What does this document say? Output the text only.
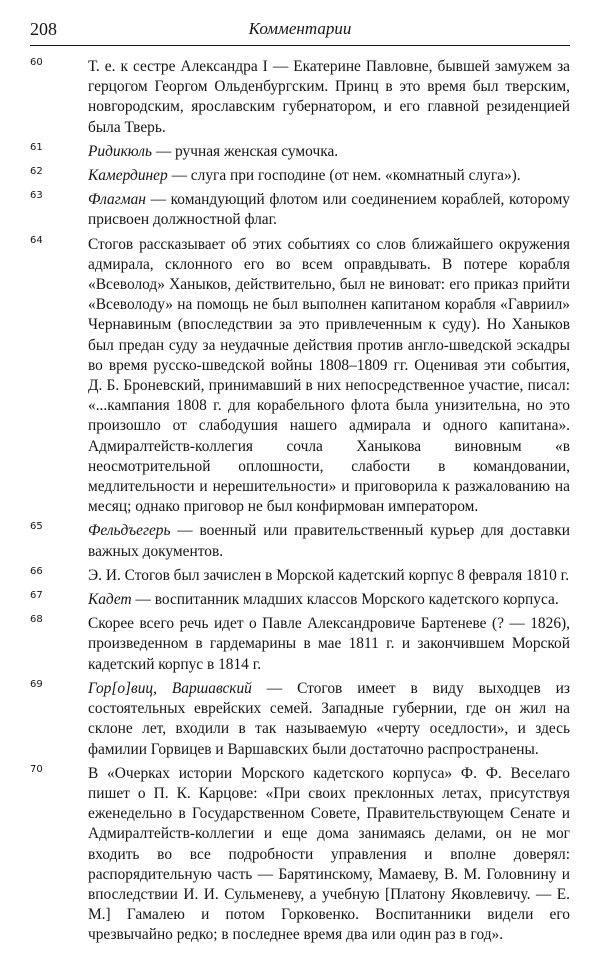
208	Комментарии
60	Т. е. к сестре Александра I — Екатерине Павловне, бывшей замужем за герцогом Георгом Ольденбургским. Принц в это время был тверским, новгородским, ярославским губернатором, и его главной резиденцией была Тверь.
61	Ридикюль — ручная женская сумочка.
62	Камердинер — слуга при господине (от нем. «комнатный слуга»).
63	Флагман — командующий флотом или соединением кораблей, которому присвоен должностной флаг.
64	Стогов рассказывает об этих событиях со слов ближайшего окружения адмирала, склонного его во всем оправдывать. В потере корабля «Всеволод» Ханыков, действительно, был не виноват: его приказ прийти «Всеволоду» на помощь не был выполнен капитаном корабля «Гавриил» Чернавиным (впоследствии за это привлеченным к суду). Но Ханыков был предан суду за неудачные действия против англо-шведской эскадры во время русско-шведской войны 1808–1809 гг. Оценивая эти события, Д. Б. Броневский, принимавший в них непосредственное участие, писал: «...кампания 1808 г. для корабельного флота была унизительна, но это произошло от слабодушия нашего адмирала и одного капитана». Адмиралтейств-коллегия сочла Ханыкова виновным «в неосмотрительной оплошности, слабости в командовании, медлительности и нерешительности» и приговорила к разжалованию на месяц; однако приговор не был конфирмован императором.
65	Фельдъегерь — военный или правительственный курьер для доставки важных документов.
66	Э. И. Стогов был зачислен в Морской кадетский корпус 8 февраля 1810 г.
67	Кадет — воспитанник младших классов Морского кадетского корпуса.
68	Скорее всего речь идет о Павле Александровиче Бартеневе (? — 1826), произведенном в гардемарины в мае 1811 г. и закончившем Морской кадетский корпус в 1814 г.
69	Гор[о]виц, Варшавский — Стогов имеет в виду выходцев из состоятельных еврейских семей. Западные губернии, где он жил на склоне лет, входили в так называемую «черту оседлости», и здесь фамилии Горвицев и Варшавских были достаточно распространены.
70	В «Очерках истории Морского кадетского корпуса» Ф. Ф. Веселаго пишет о П. К. Карцове: «При своих преклонных летах, присутствуя еженедельно в Государственном Совете, Правительствующем Сенате и Адмиралтейств-коллегии и еще дома занимаясь делами, он не мог входить во все подробности управления и вполне доверял: распорядительную часть — Барятинскому, Мамаеву, В. М. Головнину и впоследствии И. И. Сульменеву, а учебную [Платону Яковлевичу. — Е. М.] Гамалею и потом Горковенко. Воспитанники видели его чрезвычайно редко; в последнее время два или один раз в год».
